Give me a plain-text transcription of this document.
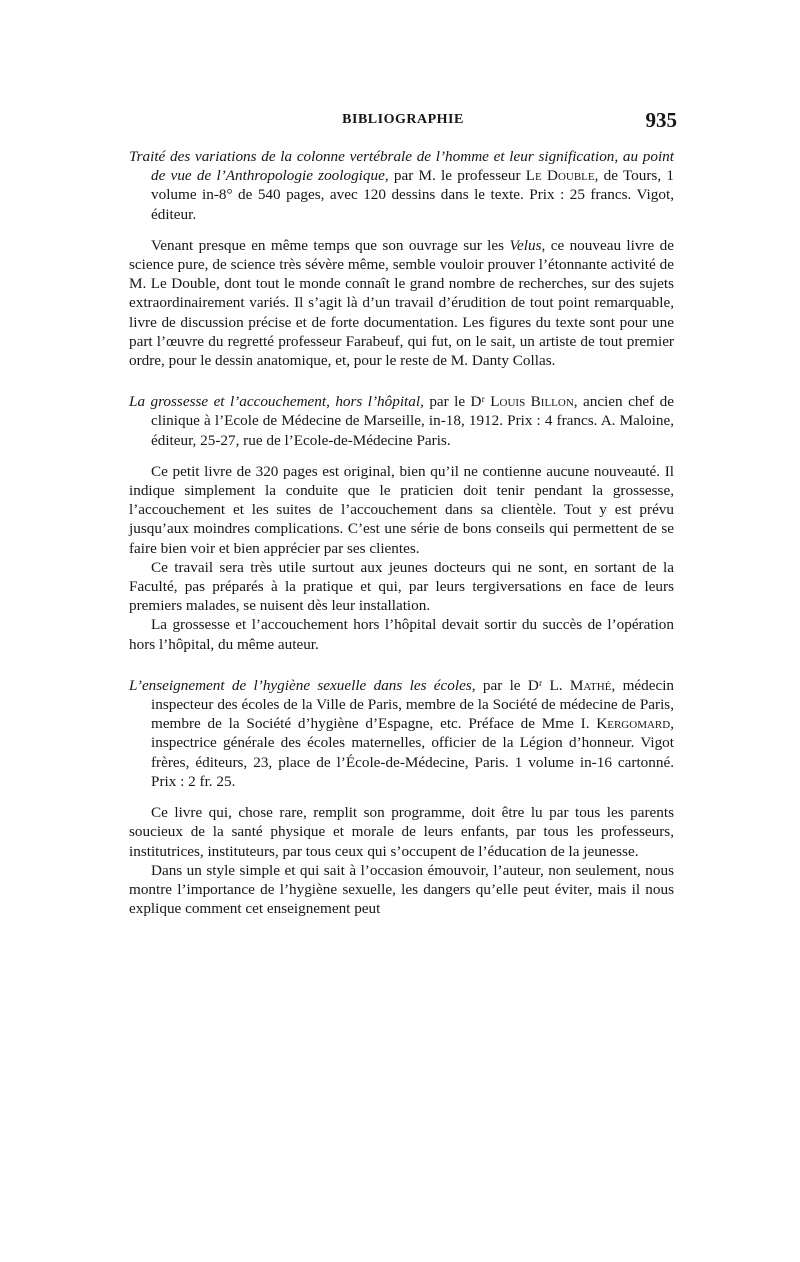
BIBLIOGRAPHIE	935

Traité des variations de la colonne vertébrale de l’homme et leur signification, au point de vue de l’Anthropologie zoologique, par M. le professeur Le Double, de Tours, 1 volume in-8° de 540 pages, avec 120 dessins dans le texte. Prix : 25 francs. Vigot, éditeur.

Venant presque en même temps que son ouvrage sur les Velus, ce nouveau livre de science pure, de science très sévère même, semble vouloir prouver l’étonnante activité de M. Le Double, dont tout le monde connaît le grand nombre de recherches, sur des sujets extraordinairement variés. Il s’agit là d’un travail d’érudition de tout point remarquable, livre de discussion précise et de forte documentation. Les figures du texte sont pour une part l’œuvre du regretté professeur Farabeuf, qui fut, on le sait, un artiste de tout premier ordre, pour le dessin anatomique, et, pour le reste de M. Danty Collas.

La grossesse et l’accouchement, hors l’hôpital, par le Dʳ Louis Billon, ancien chef de clinique à l’Ecole de Médecine de Marseille, in-18, 1912. Prix : 4 francs. A. Maloine, éditeur, 25-27, rue de l’Ecole-de-Médecine Paris.

Ce petit livre de 320 pages est original, bien qu’il ne contienne aucune nouveauté. Il indique simplement la conduite que le praticien doit tenir pendant la grossesse, l’accouchement et les suites de l’accouchement dans sa clientèle. Tout y est prévu jusqu’aux moindres complications. C’est une série de bons conseils qui permettent de se faire bien voir et bien apprécier par ses clientes.

Ce travail sera très utile surtout aux jeunes docteurs qui ne sont, en sortant de la Faculté, pas préparés à la pratique et qui, par leurs tergiversations en face de leurs premiers malades, se nuisent dès leur installation.

La grossesse et l’accouchement hors l’hôpital devait sortir du succès de l’opération hors l’hôpital, du même auteur.

L’enseignement de l’hygiène sexuelle dans les écoles, par le Dʳ L. Mathé, médecin inspecteur des écoles de la Ville de Paris, membre de la Société de médecine de Paris, membre de la Société d’hygiène d’Espagne, etc. Préface de Mme I. Kergomard, inspectrice générale des écoles maternelles, officier de la Légion d’honneur. Vigot frères, éditeurs, 23, place de l’École-de-Médecine, Paris. 1 volume in-16 cartonné. Prix : 2 fr. 25.

Ce livre qui, chose rare, remplit son programme, doit être lu par tous les parents soucieux de la santé physique et morale de leurs enfants, par tous les professeurs, institutrices, instituteurs, par tous ceux qui s’occupent de l’éducation de la jeunesse.

Dans un style simple et qui sait à l’occasion émouvoir, l’auteur, non seulement, nous montre l’importance de l’hygiène sexuelle, les dangers qu’elle peut éviter, mais il nous explique comment cet enseignement peut
